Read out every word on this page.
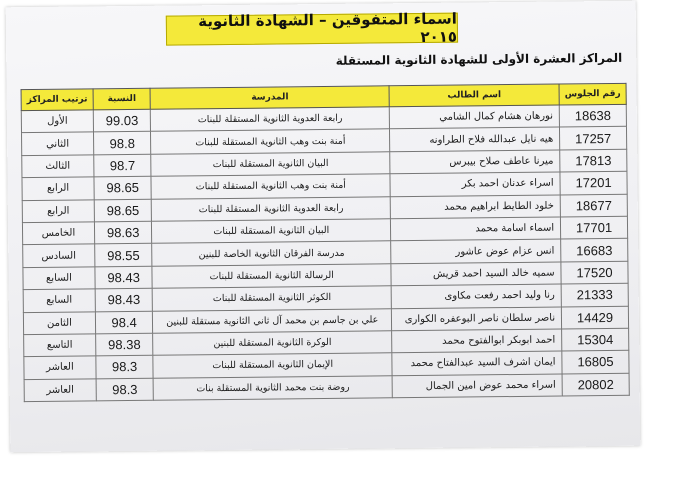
اسماء المتفوقين – الشهادة الثانوية ٢٠١٥
المراكز العشرة الأولى للشهادة الثانوية المستقلة
رقم الجلوس	اسم الطالب	المدرسة	النسبة	ترتيب المراكز
18638	نورهان هشام كمال الشامي	رابعة العدوية الثانوية المستقلة للبنات	99.03	الأول
17257	هيه نايل عبدالله فلاح الطراونه	أمنة بنت وهب الثانوية المستقلة للبنات	98.8	الثاني
17813	ميرنا عاطف صلاح بيبرس	البيان الثانوية المستقلة للبنات	98.7	الثالث
17201	اسراء عدنان احمد بكر	أمنة بنت وهب الثانوية المستقلة للبنات	98.65	الرابع
18677	خلود الطايط ابراهيم محمد	رابعة العدوية الثانوية المستقلة للبنات	98.65	الرابع
17701	اسماء اسامة محمد	البيان الثانوية المستقلة للبنات	98.63	الخامس
16683	انس عزام عوض عاشور	مدرسة الفرقان الثانوية الخاصة للبنين	98.55	السادس
17520	سميه خالد السيد احمد قريش	الرسالة الثانوية المستقلة للبنات	98.43	السابع
21333	رنا وليد احمد رفعت مكاوى	الكوثر الثانوية المستقلة للبنات	98.43	السابع
14429	ناصر سلطان ناصر البوعفره الكوارى	علي بن جاسم بن محمد آل ثاني الثانوية مستقلة للبنين	98.4	الثامن
15304	احمد ابوبكر ابوالفتوح محمد	الوكرة الثانوية المستقلة للبنين	98.38	التاسع
16805	ايمان اشرف السيد عبدالفتاح محمد	الإيمان الثانوية المستقلة للبنات	98.3	العاشر
20802	اسراء محمد عوض امين الجمال	روضة بنت محمد الثانوية المستقلة بنات	98.3	العاشر
